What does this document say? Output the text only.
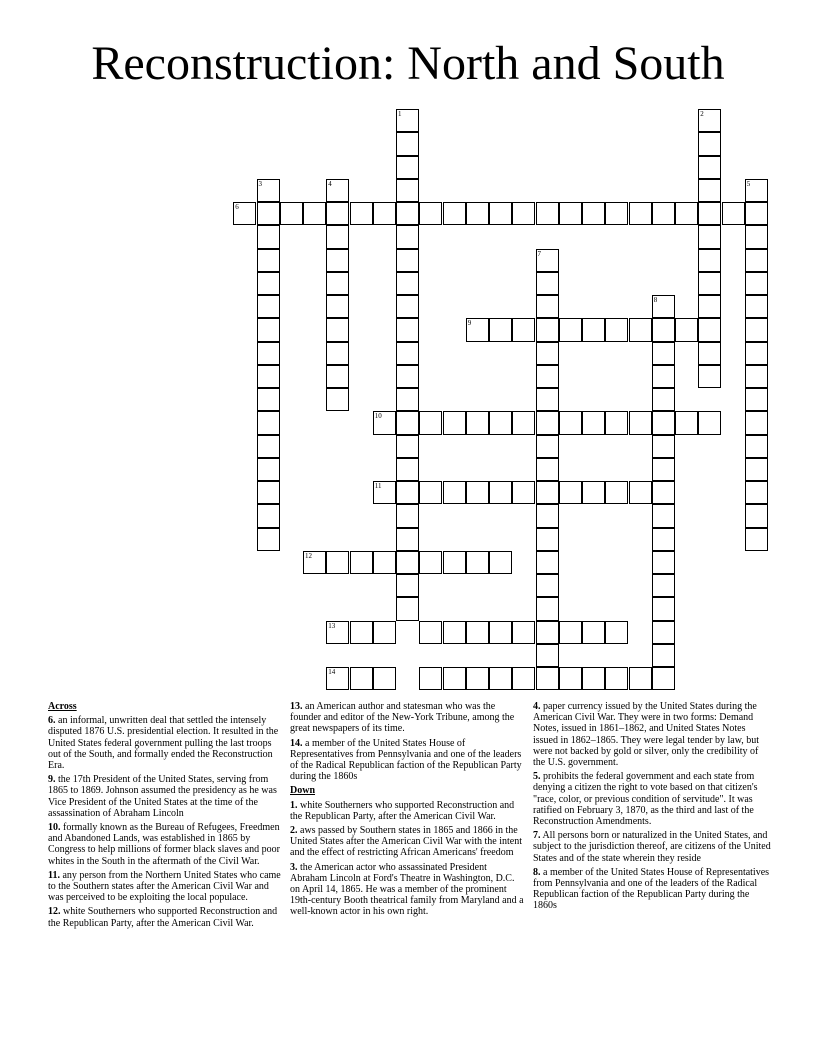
Reconstruction: North and South
1	2
3	4	5
6
7
8
9
10
11
12
13
14
Across
6. an informal, unwritten deal that settled the intensely disputed 1876 U.S. presidential election. It resulted in the United States federal government pulling the last troops out of the South, and formally ended the Reconstruction Era.
9. the 17th President of the United States, serving from 1865 to 1869. Johnson assumed the presidency as he was Vice President of the United States at the time of the assassination of Abraham Lincoln
10. formally known as the Bureau of Refugees, Freedmen and Abandoned Lands, was established in 1865 by Congress to help millions of former black slaves and poor whites in the South in the aftermath of the Civil War.
11. any person from the Northern United States who came to the Southern states after the American Civil War and was perceived to be exploiting the local populace.
12. white Southerners who supported Reconstruction and the Republican Party, after the American Civil War.
13. an American author and statesman who was the founder and editor of the New-York Tribune, among the great newspapers of its time.
14. a member of the United States House of Representatives from Pennsylvania and one of the leaders of the Radical Republican faction of the Republican Party during the 1860s
Down
1. white Southerners who supported Reconstruction and the Republican Party, after the American Civil War.
2. aws passed by Southern states in 1865 and 1866 in the United States after the American Civil War with the intent and the effect of restricting African Americans' freedom
3. the American actor who assassinated President Abraham Lincoln at Ford's Theatre in Washington, D.C. on April 14, 1865. He was a member of the prominent 19th-century Booth theatrical family from Maryland and a well-known actor in his own right.
4. paper currency issued by the United States during the American Civil War. They were in two forms: Demand Notes, issued in 1861–1862, and United States Notes issued in 1862–1865. They were legal tender by law, but were not backed by gold or silver, only the credibility of the U.S. government.
5. prohibits the federal government and each state from denying a citizen the right to vote based on that citizen's "race, color, or previous condition of servitude". It was ratified on February 3, 1870, as the third and last of the Reconstruction Amendments.
7. All persons born or naturalized in the United States, and subject to the jurisdiction thereof, are citizens of the United States and of the state wherein they reside
8. a member of the United States House of Representatives from Pennsylvania and one of the leaders of the Radical Republican faction of the Republican Party during the 1860s
